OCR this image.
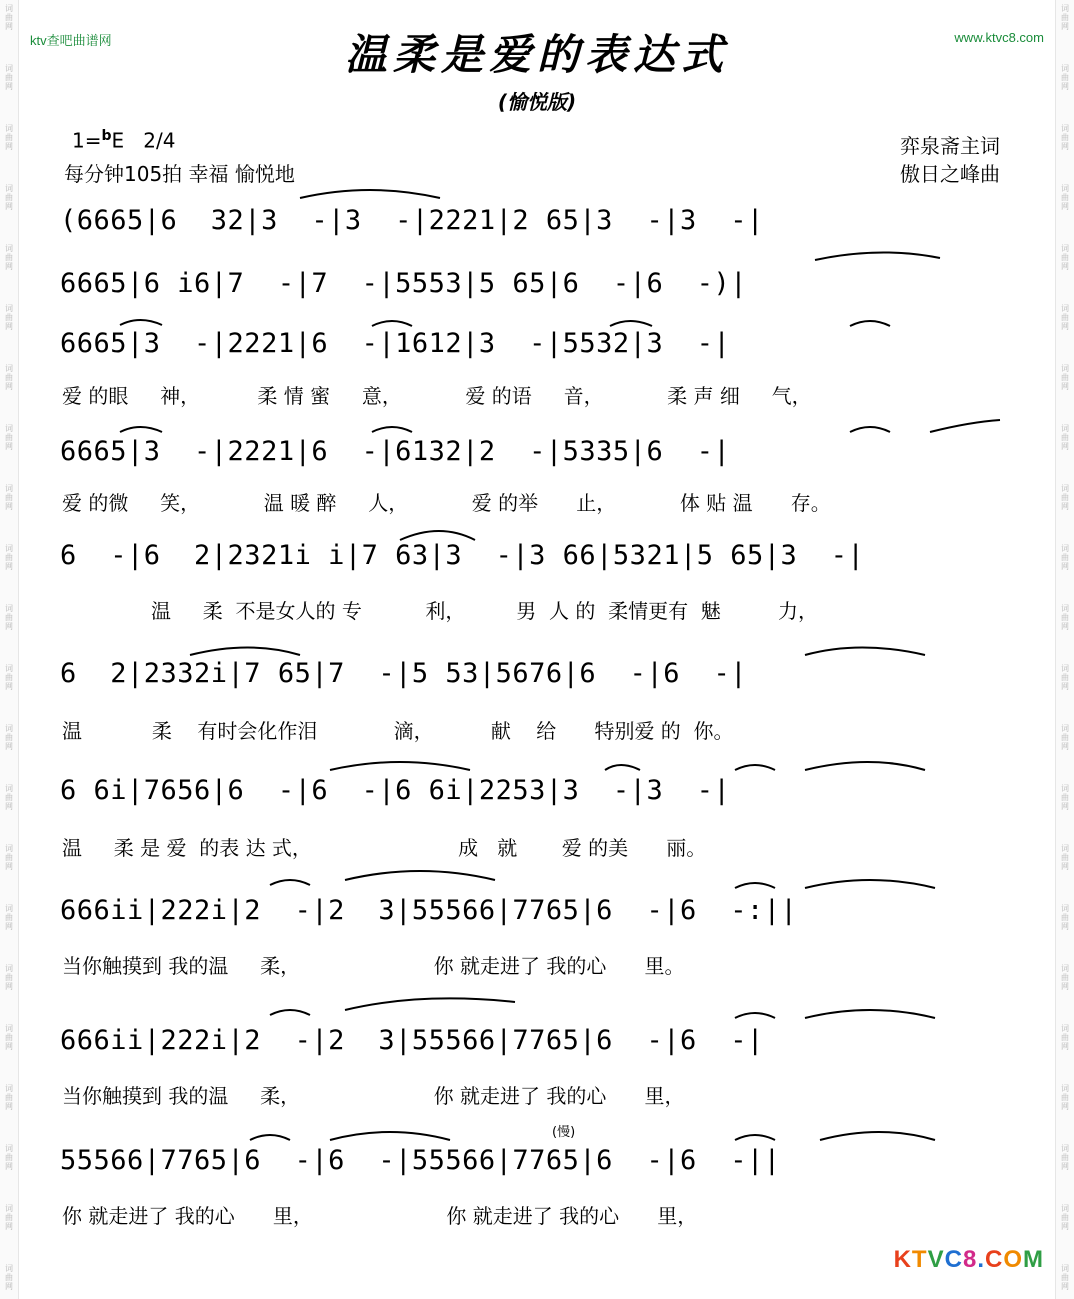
词
曲
网
词
曲
网
词
曲
网
词
曲
网
词
曲
网
词
曲
网
词
曲
网
词
曲
网
词
曲
网
词
曲
网
词
曲
网
词
曲
网
词
曲
网
词
曲
网
词
曲
网
词
曲
网
词
曲
网
词
曲
网
词
曲
网
词
曲
网
词
曲
网
词
曲
网
词
曲
网
词
曲
网
词
曲
网
词
曲
网
词
曲
网
词
曲
网
词
曲
网
词
曲
网
词
曲
网
词
曲
网
词
曲
网
词
曲
网
词
曲
网
词
曲
网
词
曲
网
词
曲
网
词
曲
网
词
曲
网
词
曲
网
词
曲
网
词
曲
网
词
曲
网
ktv查吧曲谱网	www.ktvc8.com
温柔是爱的表达式
(愉悦版)
1=$^b$E 2/4
每分钟105拍 幸福 愉悦地
弈泉斋主词
傲日之峰曲
(6665|6  32|3  -|3  -|2221|2 65|3  -|3  -|
6665|6 i6|7  -|7  -|5553|5 65|6  -|6  -)|
6665|3  -|2221|6  -|1612|3  -|5532|3  -|
爱 的眼     神，         柔 情 蜜     意，          爱 的语     音，          柔 声 细     气，
6665|3  -|2221|6  -|6132|2  -|5335|6  -|
爱 的微     笑，          温 暖 醉     人，          爱 的举      止，          体 贴 温      存。
6  -|6  2|2321i i|7 63|3  -|3 66|5321|5 65|3  -|
温     柔  不是女人的 专          利，        男  人 的  柔情更有  魅         力，
6  2|2332i|7 65|7  -|5 53|5676|6  -|6  -|
温           柔    有时会化作泪            滴，         献    给      特别爱 的  你。
6 6i|7656|6  -|6  -|6 6i|2253|3  -|3  -|
温     柔 是 爱  的表 达 式，                       成   就       爱 的美      丽。
666ii|222i|2  -|2  3|55566|7765|6  -|6  -:||
当你触摸到 我的温     柔，                     你 就走进了 我的心      里。
666ii|222i|2  -|2  3|55566|7765|6  -|6  -|
当你触摸到 我的温     柔，                     你 就走进了 我的心      里，
55566|7765|6  -|6  -|55566|7765|6  -|6  -||
你 就走进了 我的心      里，                     你 就走进了 我的心      里，
(慢)
KTVC8.COM
